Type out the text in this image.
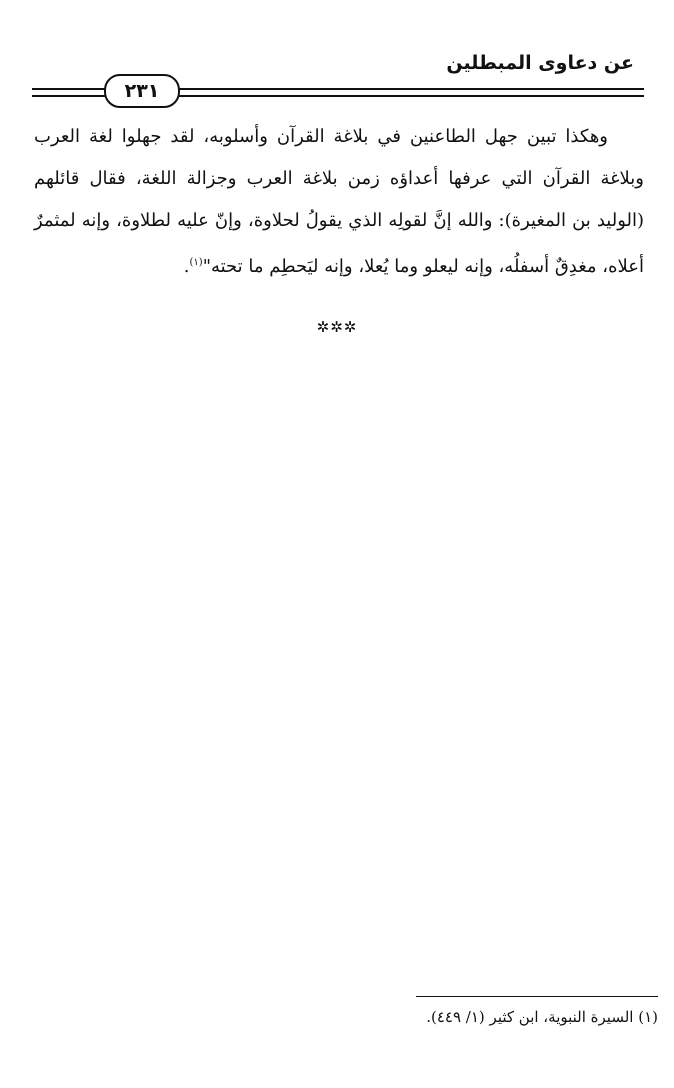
عن دعاوى المبطلين
٢٣١

وهكذا تبين جهل الطاعنين في بلاغة القرآن وأسلوبه، لقد جهلوا لغة العرب وبلاغة القرآن التي عرفها أعداؤه زمن بلاغة العرب وجزالة اللغة، فقال قائلهم (الوليد بن المغيرة): والله إنَّ لقولِه الذي يقولُ لحلاوة، وإنّ عليه لطلاوة، وإنه لمثمرٌ أعلاه، مغدِقٌ أسفلُه، وإنه ليعلو وما يُعلا، وإنه ليَحطِم ما تحته"$^{(١)}$.

✲✲✲
(١) السيرة النبوية، ابن كثير (١/ ٤٤٩).
